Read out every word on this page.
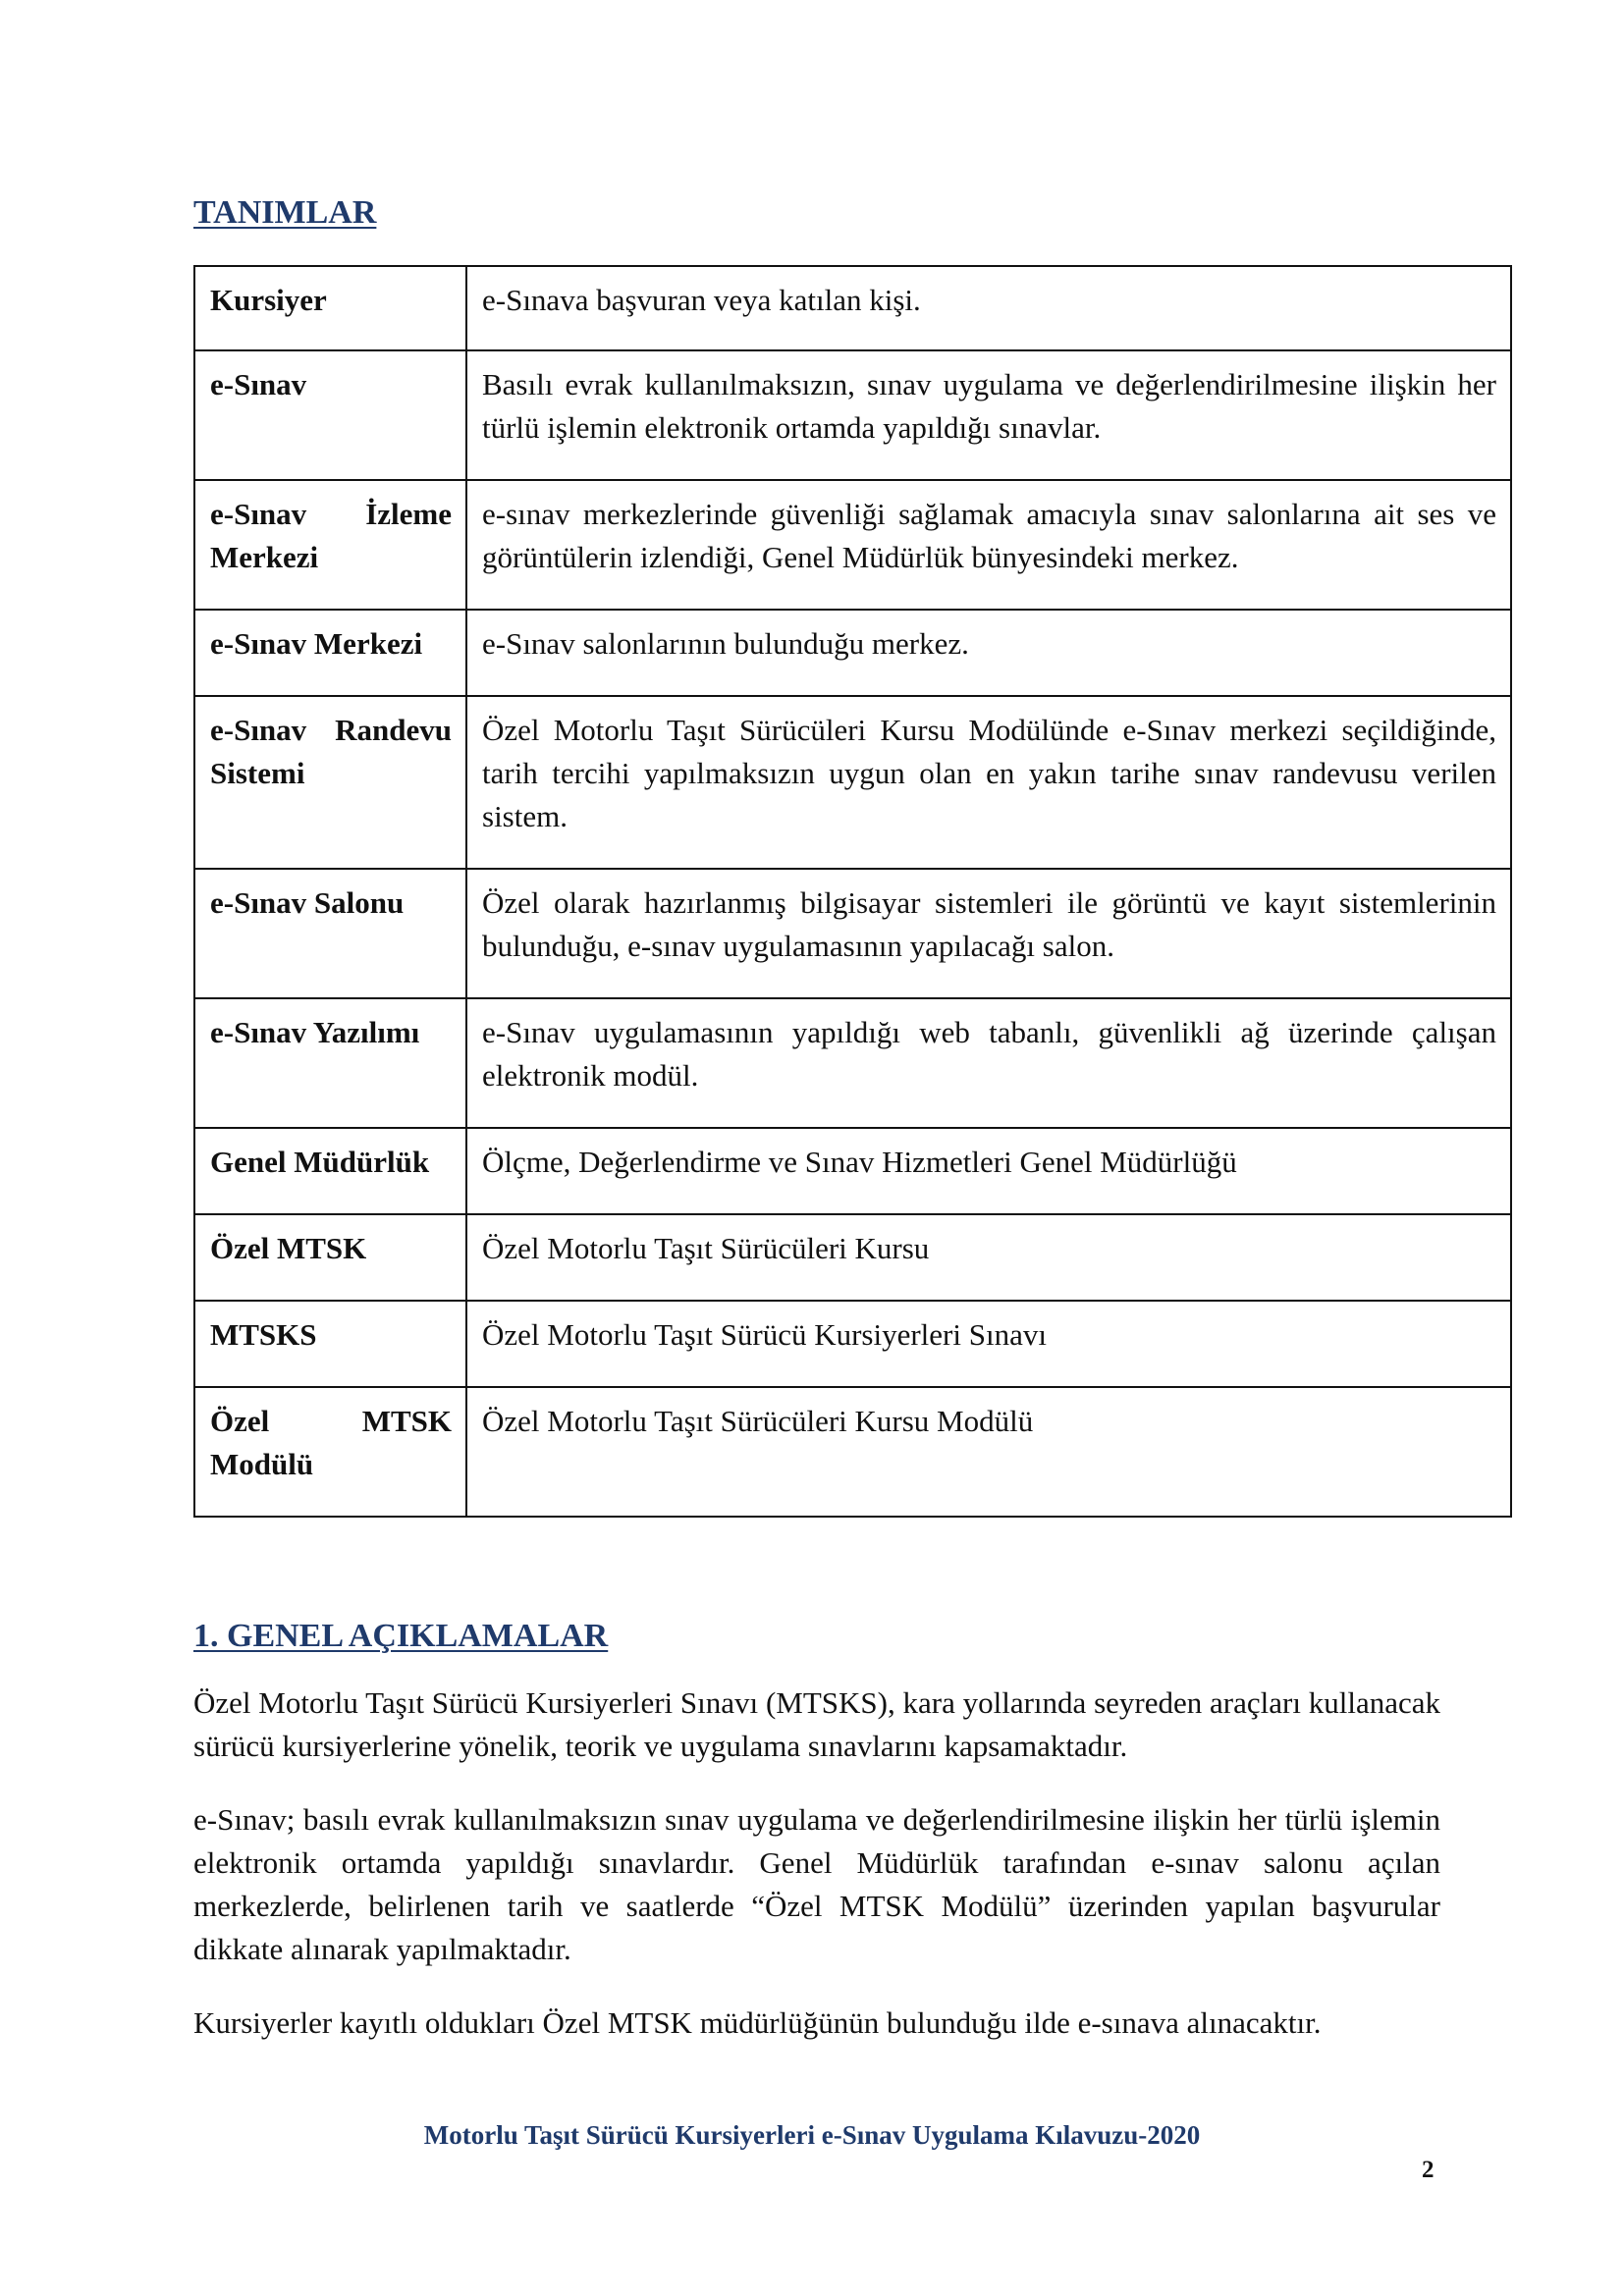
TANIMLAR
Kursiyer	e-Sınava başvuran veya katılan kişi.
e-Sınav	Basılı evrak kullanılmaksızın, sınav uygulama ve değerlendirilmesine ilişkin her türlü işlemin elektronik ortamda yapıldığı sınavlar.
e-Sınav İzleme Merkezi	e-sınav merkezlerinde güvenliği sağlamak amacıyla sınav salonlarına ait ses ve görüntülerin izlendiği, Genel Müdürlük bünyesindeki merkez.
e-Sınav Merkezi	e-Sınav salonlarının bulunduğu merkez.
e-Sınav Randevu Sistemi	Özel Motorlu Taşıt Sürücüleri Kursu Modülünde e-Sınav merkezi seçildiğinde, tarih tercihi yapılmaksızın uygun olan en yakın tarihe sınav randevusu verilen sistem.
e-Sınav Salonu	Özel olarak hazırlanmış bilgisayar sistemleri ile görüntü ve kayıt sistemlerinin bulunduğu, e-sınav uygulamasının yapılacağı salon.
e-Sınav Yazılımı	e-Sınav uygulamasının yapıldığı web tabanlı, güvenlikli ağ üzerinde çalışan elektronik modül.
Genel Müdürlük	Ölçme, Değerlendirme ve Sınav Hizmetleri Genel Müdürlüğü
Özel MTSK	Özel Motorlu Taşıt Sürücüleri Kursu
MTSKS	Özel Motorlu Taşıt Sürücü Kursiyerleri Sınavı
Özel MTSK Modülü	Özel Motorlu Taşıt Sürücüleri Kursu Modülü
1. GENEL AÇIKLAMALAR

Özel Motorlu Taşıt Sürücü Kursiyerleri Sınavı (MTSKS), kara yollarında seyreden araçları kullanacak sürücü kursiyerlerine yönelik, teorik ve uygulama sınavlarını kapsamaktadır.

e-Sınav; basılı evrak kullanılmaksızın sınav uygulama ve değerlendirilmesine ilişkin her türlü işlemin elektronik ortamda yapıldığı sınavlardır. Genel Müdürlük tarafından e-sınav salonu açılan merkezlerde, belirlenen tarih ve saatlerde “Özel MTSK Modülü” üzerinden yapılan başvurular dikkate alınarak yapılmaktadır.

Kursiyerler kayıtlı oldukları Özel MTSK müdürlüğünün bulunduğu ilde e-sınava alınacaktır.

Motorlu Taşıt Sürücü Kursiyerleri e-Sınav Uygulama Kılavuzu-2020

2
